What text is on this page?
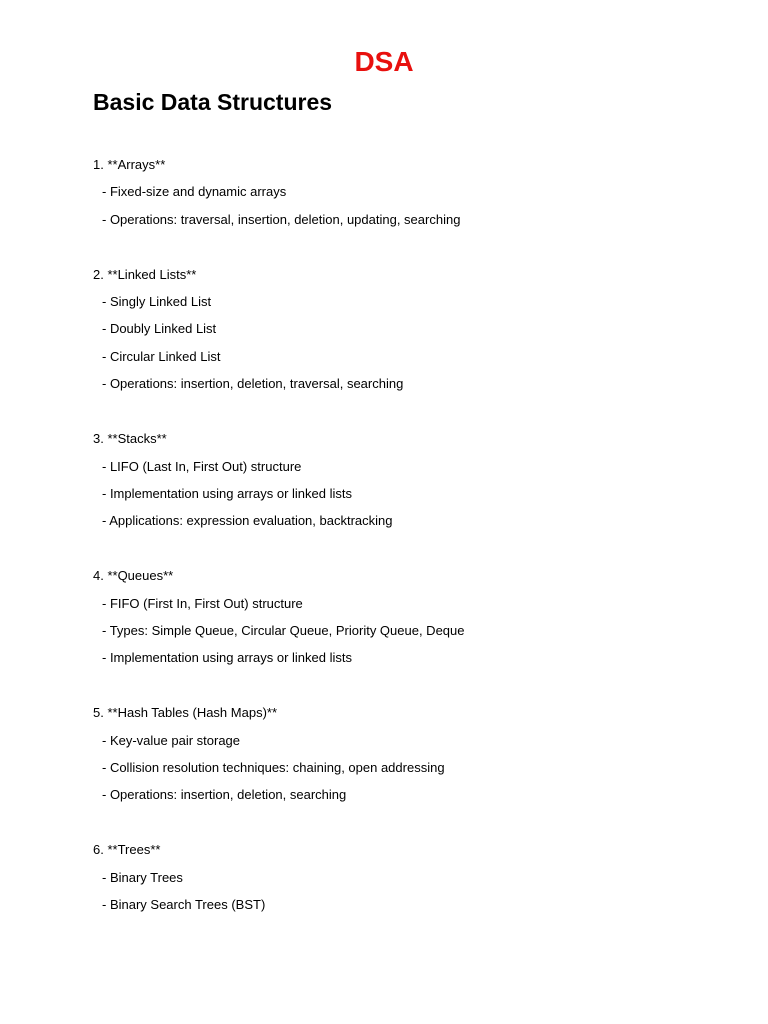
DSA
Basic Data Structures
1. **Arrays**
- Fixed-size and dynamic arrays
- Operations: traversal, insertion, deletion, updating, searching
2. **Linked Lists**
- Singly Linked List
- Doubly Linked List
- Circular Linked List
- Operations: insertion, deletion, traversal, searching
3. **Stacks**
- LIFO (Last In, First Out) structure
- Implementation using arrays or linked lists
- Applications: expression evaluation, backtracking
4. **Queues**
- FIFO (First In, First Out) structure
- Types: Simple Queue, Circular Queue, Priority Queue, Deque
- Implementation using arrays or linked lists
5. **Hash Tables (Hash Maps)**
- Key-value pair storage
- Collision resolution techniques: chaining, open addressing
- Operations: insertion, deletion, searching
6. **Trees**
- Binary Trees
- Binary Search Trees (BST)
